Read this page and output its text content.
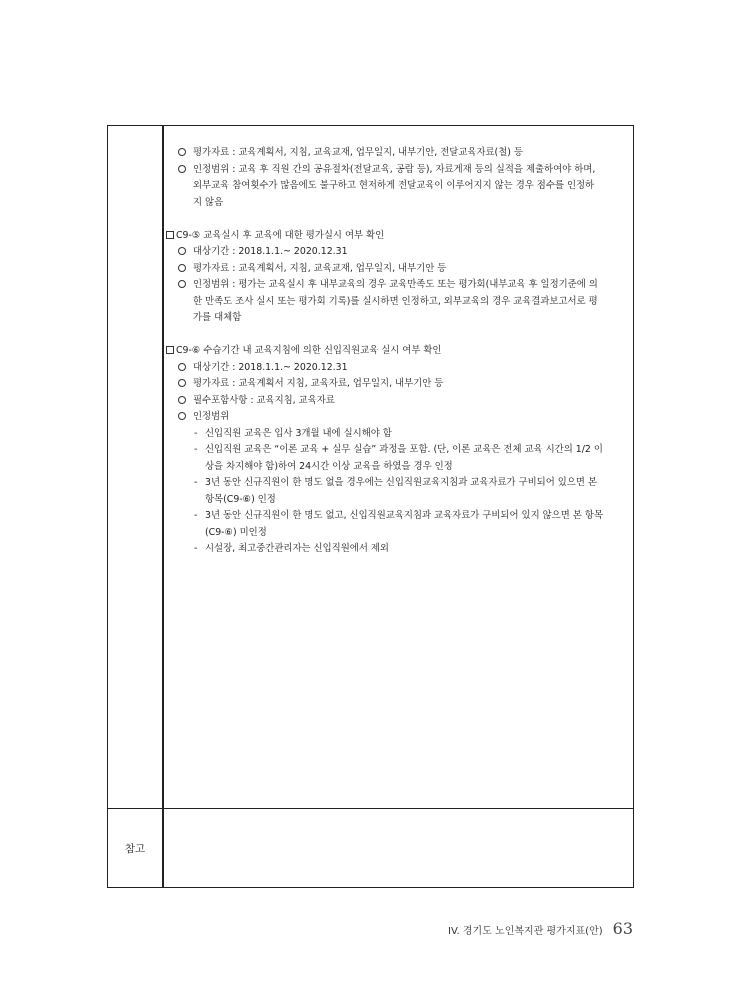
참고
평가자료 : 교육계획서, 지침, 교육교재, 업무일지, 내부기안, 전달교육자료(철) 등
인정범위 : 교육 후 직원 간의 공유절차(전달교육, 공람 등), 자료게재 등의 실적을 제출하여야 하며,
외부교육 참여횟수가 많음에도 불구하고 현저하게 전달교육이 이루어지지 않는 경우 점수를 인정하
지 않음
C9-⑤ 교육실시 후 교육에 대한 평가실시 여부 확인
대상기간 : 2018.1.1.~ 2020.12.31
평가자료 : 교육계획서, 지침, 교육교재, 업무일지, 내부기안 등
인정범위 : 평가는 교육실시 후 내부교육의 경우 교육만족도 또는 평가회(내부교육 후 일정기준에 의
한 만족도 조사 실시 또는 평가회 기록)를 실시하면 인정하고, 외부교육의 경우 교육결과보고서로 평
가를 대체함
C9-⑥ 수습기간 내 교육지침에 의한 신입직원교육 실시 여부 확인
대상기간 : 2018.1.1.~ 2020.12.31
평가자료 : 교육계획서 지침, 교육자료, 업무일지, 내부기안 등
필수포함사항 : 교육지침, 교육자료
인정범위
- 신입직원 교육은 입사 3개월 내에 실시해야 함
- 신입직원 교육은 “이론 교육 + 실무 실습” 과정을 포함. (단, 이론 교육은 전체 교육 시간의 1/2 이
상을 차지해야 함)하여 24시간 이상 교육을 하였을 경우 인정
- 3년 동안 신규직원이 한 명도 없을 경우에는 신입직원교육지침과 교육자료가 구비되어 있으면 본
항목(C9-⑥) 인정
- 3년 동안 신규직원이 한 명도 없고, 신입직원교육지침과 교육자료가 구비되어 있지 않으면 본 항목
(C9-⑥) 미인정
- 시설장, 최고중간관리자는 신입직원에서 제외
IV. 경기도 노인복지관 평가지표(안) 63
